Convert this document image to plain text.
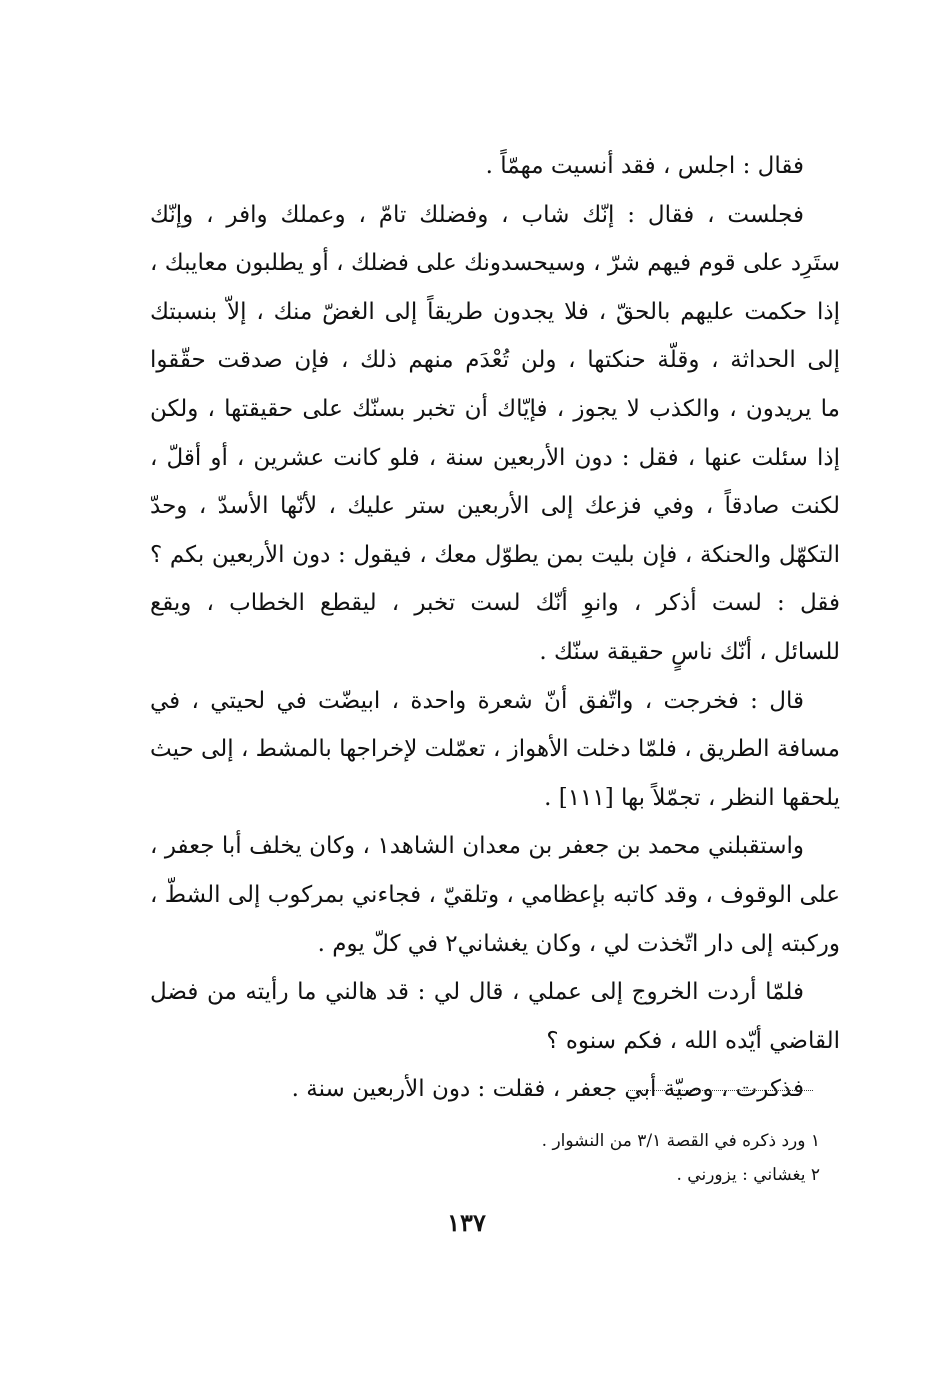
فقال : اجلس ، فقد أنسيت مهمّاً .
فجلست ، فقال : إنّك شاب ، وفضلك تامّ ، وعملك وافر ، وإنّك
ستَرِد على قوم فيهم شرّ ، وسيحسدونك على فضلك ، أو يطلبون معايبك ،
إذا حكمت عليهم بالحقّ ، فلا يجدون طريقاً إلى الغضّ منك ، إلاّ بنسبتك
إلى الحداثة ، وقلّة حنكتها ، ولن تُعْدَم منهم ذلك ، فإن صدقت حقّقوا
ما يريدون ، والكذب لا يجوز ، فإيّاك أن تخبر بسنّك على حقيقتها ، ولكن
إذا سئلت عنها ، فقل : دون الأربعين سنة ، فلو كانت عشرين ، أو أقلّ ،
لكنت صادقاً ، وفي فزعك إلى الأربعين ستر عليك ، لأنّها الأسدّ ، وحدّ
التكهّل والحنكة ، فإن بليت بمن يطوّل معك ، فيقول : دون الأربعين بكم ؟
فقل : لست أذكر ، وانوِ أنّك لست تخبر ، ليقطع الخطاب ، ويقع
للسائل ، أنّك ناسٍ حقيقة سنّك .
قال : فخرجت ، واتّفق أنّ شعرة واحدة ، ابيضّت في لحيتي ، في
مسافة الطريق ، فلمّا دخلت الأهواز ، تعمّلت لإخراجها بالمشط ، إلى حيث
يلحقها النظر ، تجمّلاً بها [١١١] .
واستقبلني محمد بن جعفر بن معدان الشاهد١ ، وكان يخلف أبا جعفر ،
على الوقوف ، وقد كاتبه بإعظامي ، وتلقيّ ، فجاءني بمركوب إلى الشطّ ،
وركبته إلى دار اتّخذت لي ، وكان يغشاني٢ في كلّ يوم .
فلمّا أردت الخروج إلى عملي ، قال لي : قد هالني ما رأيته من فضل
القاضي أيّده الله ، فكم سنوه ؟
فذكرت ، وصيّة أبي جعفر ، فقلت : دون الأربعين سنة .
١ ورد ذكره في القصة ٣/١ من النشوار .
٢ يغشاني : يزورني .
١٣٧
